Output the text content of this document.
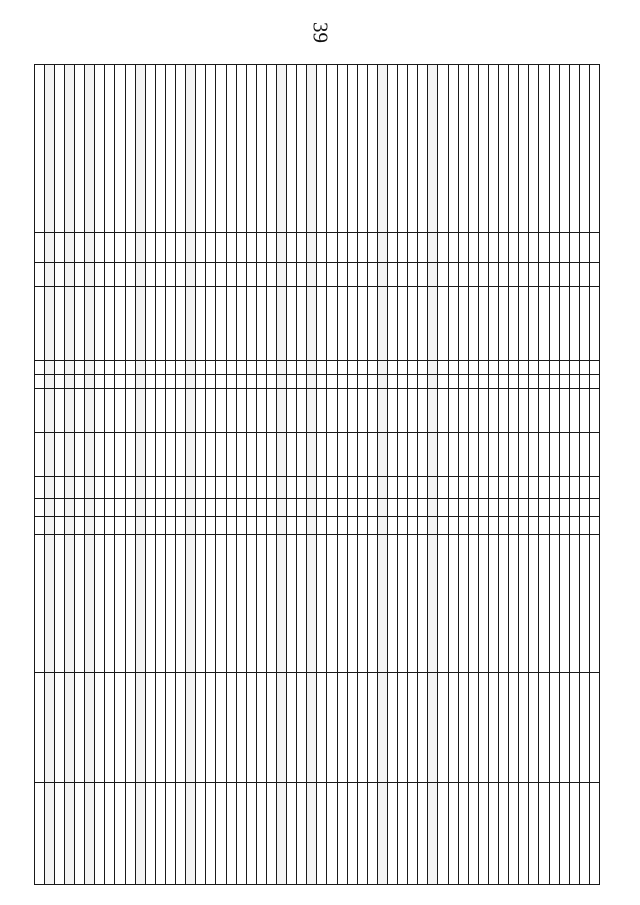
39
